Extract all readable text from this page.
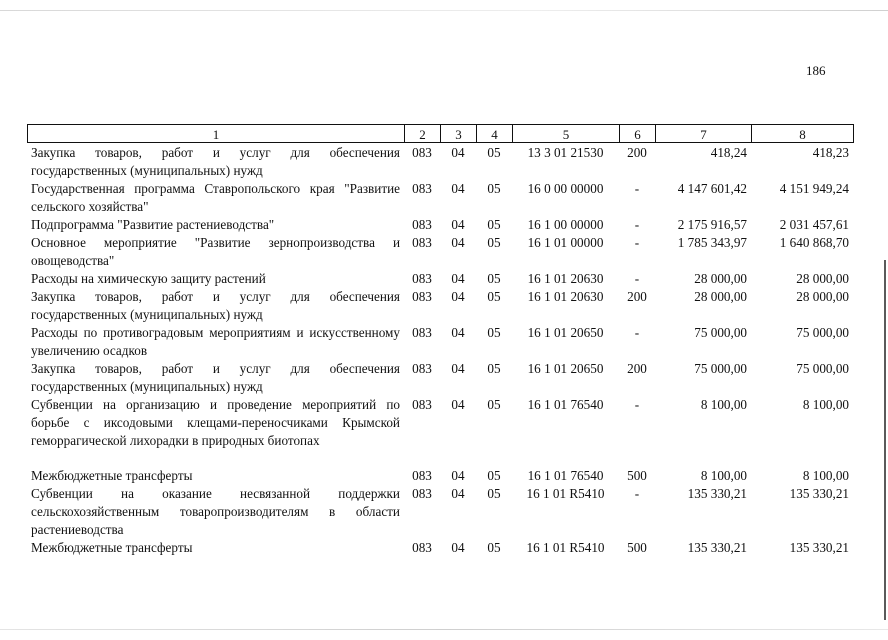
186
1	2	3	4	5	6	7	8
Закупка товаров, работ и услуг для обеспечения государственных (муниципальных) нужд	083	04	05	13 3 01 21530	200	418,24	418,23
Государственная программа Ставропольского края "Развитие сельского хозяйства"	083	04	05	16 0 00 00000	-	4 147 601,42	4 151 949,24
Подпрограмма "Развитие растениеводства"	083	04	05	16 1 00 00000	-	2 175 916,57	2 031 457,61
Основное мероприятие "Развитие зернопроизводства и овощеводства"	083	04	05	16 1 01 00000	-	1 785 343,97	1 640 868,70
Расходы на химическую защиту растений	083	04	05	16 1 01 20630	-	28 000,00	28 000,00
Закупка товаров, работ и услуг для обеспечения государственных (муниципальных) нужд	083	04	05	16 1 01 20630	200	28 000,00	28 000,00
Расходы по противоградовым мероприятиям и искусственному увеличению осадков	083	04	05	16 1 01 20650	-	75 000,00	75 000,00
Закупка товаров, работ и услуг для обеспечения государственных (муниципальных) нужд	083	04	05	16 1 01 20650	200	75 000,00	75 000,00
Субвенции на организацию и проведение мероприятий по борьбе с иксодовыми клещами-переносчиками Крымской геморрагической лихорадки в природных биотопах	083	04	05	16 1 01 76540	-	8 100,00	8 100,00

Межбюджетные трансферты	083	04	05	16 1 01 76540	500	8 100,00	8 100,00
Субвенции на оказание несвязанной поддержки сельскохозяйственным товаропроизводителям в области растениеводства	083	04	05	16 1 01 R5410	-	135 330,21	135 330,21
Межбюджетные трансферты	083	04	05	16 1 01 R5410	500	135 330,21	135 330,21
